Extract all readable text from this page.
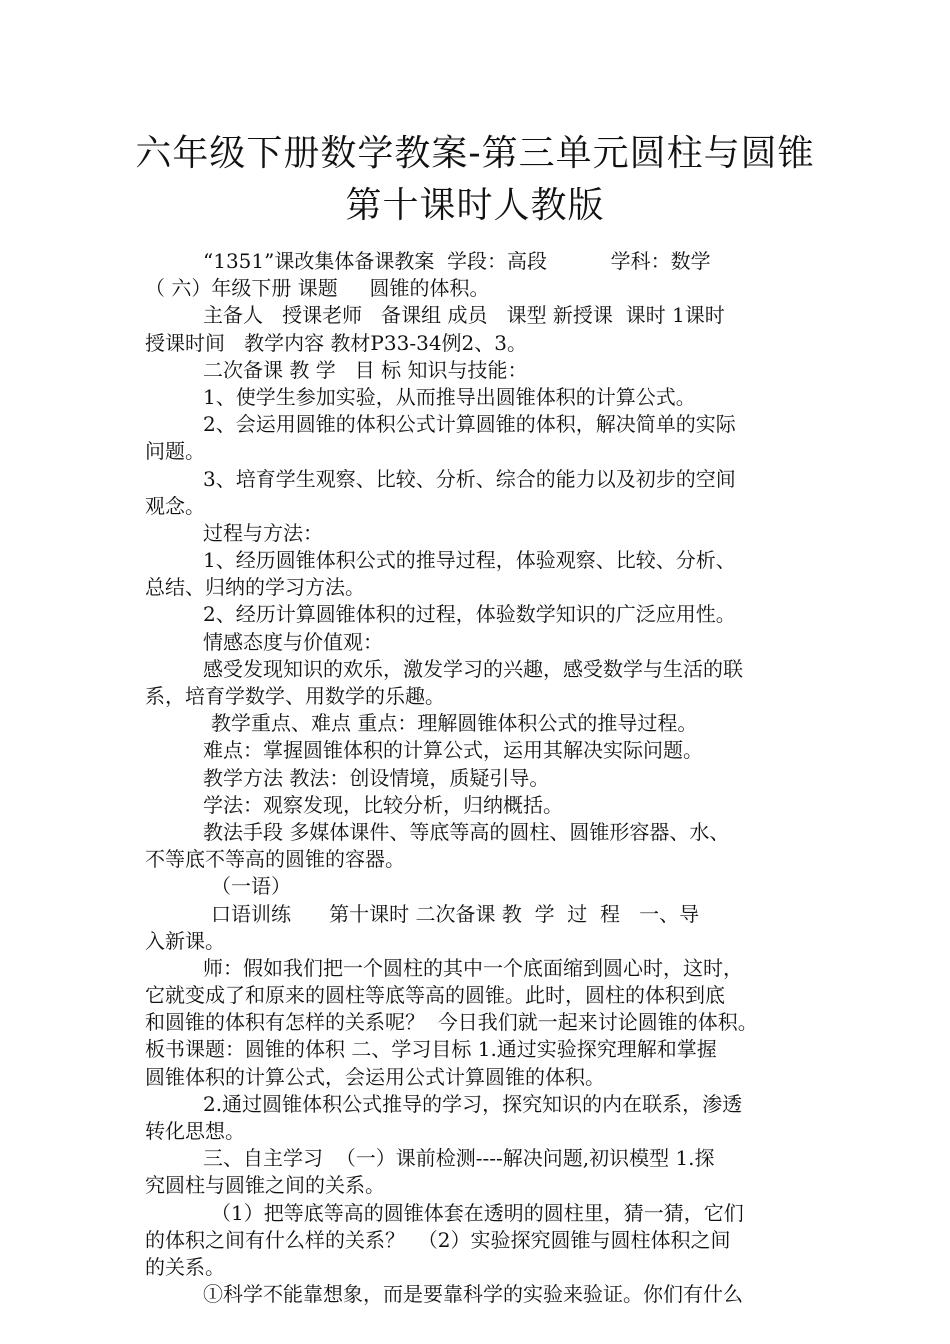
六年级下册数学教案-第三单元圆柱与圆锥
第十课时人教版
“1351”课改集体备课教案  学段：高段          学科：数学
（ 六）年级下册 课题     圆锥的体积。
主备人   授课老师   备课组 成员   课型 新授课  课时 1课时
授课时间   教学内容 教材P33-34例2、3。
二次备课 教 学   目 标 知识与技能：
1、使学生参加实验，从而推导出圆锥体积的计算公式。
2、会运用圆锥的体积公式计算圆锥的体积，解决简单的实际
问题。
3、培育学生观察、比较、分析、综合的能力以及初步的空间
观念。
过程与方法：
1、经历圆锥体积公式的推导过程，体验观察、比较、分析、
总结、归纳的学习方法。
2、经历计算圆锥体积的过程，体验数学知识的广泛应用性。
情感态度与价值观：
感受发现知识的欢乐，激发学习的兴趣，感受数学与生活的联
系，培育学数学、用数学的乐趣。
教学重点、难点 重点：理解圆锥体积公式的推导过程。
难点：掌握圆锥体积的计算公式，运用其解决实际问题。
教学方法 教法：创设情境，质疑引导。
学法：观察发现，比较分析，归纳概括。
教法手段 多媒体课件、等底等高的圆柱、圆锥形容器、水、
不等底不等高的圆锥的容器。
（一语）
口语训练      第十课时 二次备课 教  学  过  程   一、导
入新课。
师：假如我们把一个圆柱的其中一个底面缩到圆心时，这时，
它就变成了和原来的圆柱等底等高的圆锥。此时，圆柱的体积到底
和圆锥的体积有怎样的关系呢？  今日我们就一起来讨论圆锥的体积。
板书课题：圆锥的体积 二、学习目标 1.通过实验探究理解和掌握
圆锥体积的计算公式，会运用公式计算圆锥的体积。
2.通过圆锥体积公式推导的学习，探究知识的内在联系，渗透
转化思想。
三、自主学习  （一）课前检测----解决问题,初识模型 1.探
究圆柱与圆锥之间的关系。
（1）把等底等高的圆锥体套在透明的圆柱里，猜一猜，它们
的体积之间有什么样的关系？  （2）实验探究圆锥与圆柱体积之间
的关系。
①科学不能靠想象，而是要靠科学的实验来验证。你们有什么
